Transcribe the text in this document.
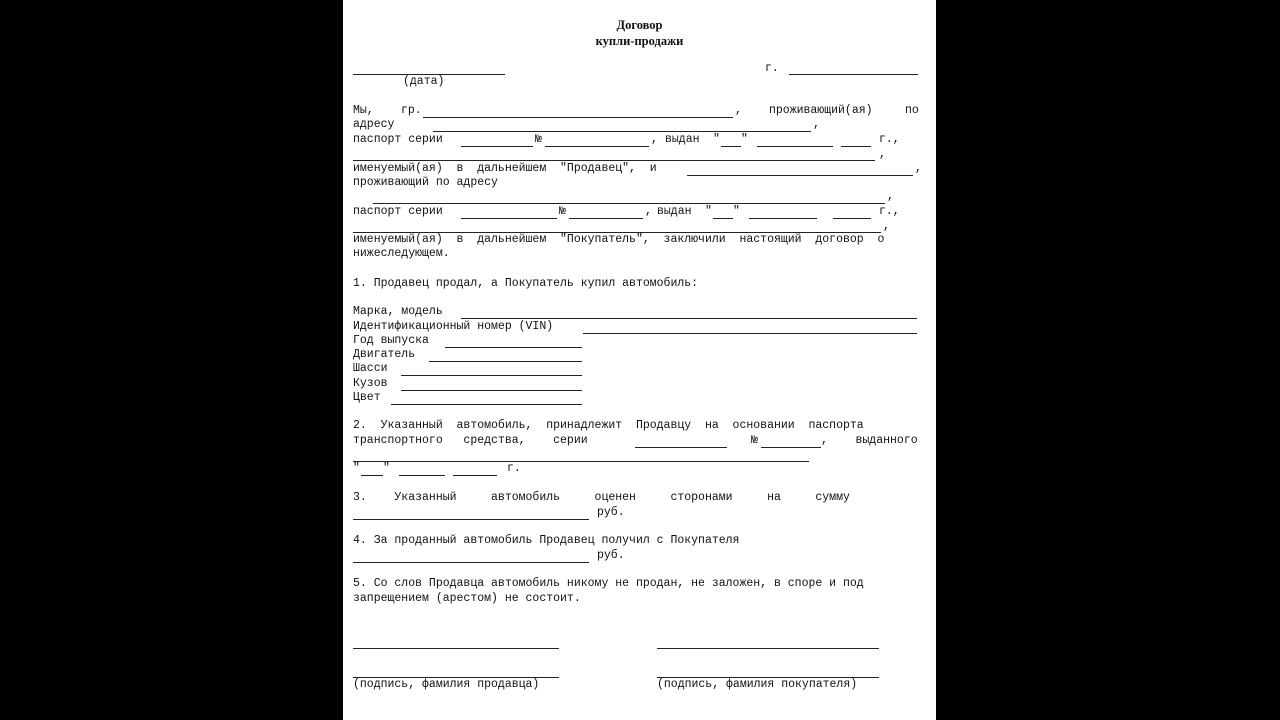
Договор
купли-продажи
(дата)
г.
Мы, гр.	, проживающий(ая)	по
адресу	,
паспорт серии	№	, выдан " "	г.,
,
именуемый(ая)  в  дальнейшем  "Продавец",  и	,
проживающий по адресу
,
паспорт серии	№	, выдан " "	г.,
,
именуемый(ая)  в  дальнейшем  "Покупатель",  заключили  настоящий  договор  о
нижеследующем.
1. Продавец продал, а Покупатель купил автомобиль:
Марка, модель
Идентификационный номер (VIN)
Год выпуска
Двигатель
Шасси
Кузов
Цвет
2.  Указанный  автомобиль,  принадлежит  Продавцу  на  основании  паспорта
транспортного   средства,    серии	№	,    выданного
" "	г.
3.    Указанный     автомобиль     оценен     сторонами     на     сумму
руб.
4. За проданный автомобиль Продавец получил с Покупателя
руб.
5. Со слов Продавца автомобиль никому не продан, не заложен, в споре и под
запрещением (арестом) не состоит.
(подпись, фамилия продавца)	(подпись, фамилия покупателя)
